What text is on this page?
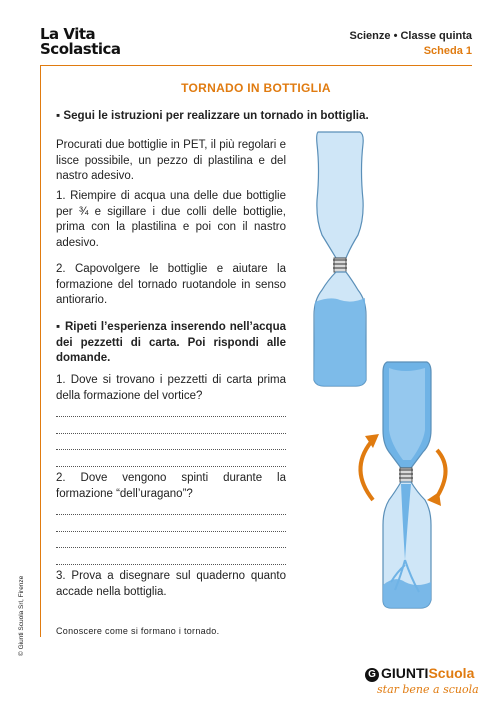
La Vita
Scolastica
Scienze • Classe quinta
Scheda 1
TORNADO IN BOTTIGLIA
▪ Segui le istruzioni per realizzare un tornado in bottiglia.
Procurati due bottiglie in PET, il più regolari e lisce possibile, un pezzo di plastilina e del nastro adesivo.
1. Riempire di acqua una delle due bottiglie per ¾ e sigillare i due colli delle bottiglie, prima con la plastilina e poi con il nastro adesivo.
2. Capovolgere le bottiglie e aiutare la formazione del tornado ruotandole in senso antiorario.
▪ Ripeti l’esperienza inserendo nell’acqua dei pezzetti di carta. Poi rispondi alle domande.
1. Dove si trovano i pezzetti di carta prima della formazione del vortice?
2. Dove vengono spinti durante la formazione “dell’uragano”?
3. Prova a disegnare sul quaderno quanto accade nella bottiglia.
Conoscere come si formano i tornado.
© Giunti Scuola Srl, Firenze
G GIUNTIScuola
star bene a scuola
